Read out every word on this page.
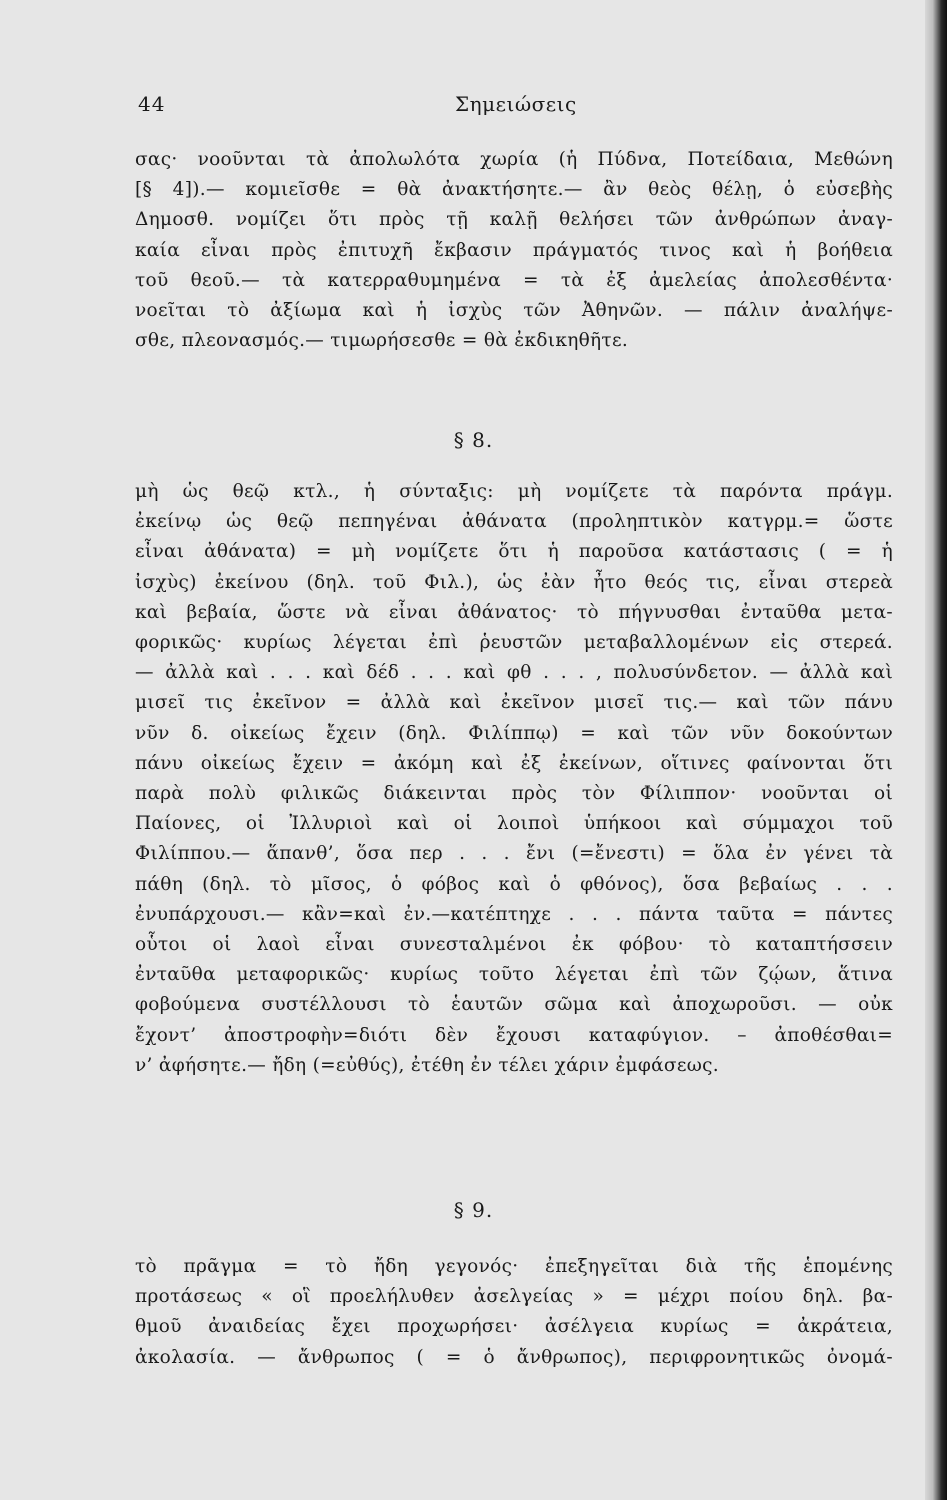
44	Σημειώσεις
σας· νοοῦνται τὰ ἀπολωλότα χωρία (ἡ Πύδνα, Ποτείδαια, Μεθώνη
[§ 4]).— κομιεῖσθε = θὰ ἀνακτήσητε.— ἂν θεὸς θέλῃ, ὁ εὐσεβὴς
Δημοσθ. νομίζει ὅτι πρὸς τῇ καλῇ θελήσει τῶν ἀνθρώπων ἀναγ-
καία εἶναι πρὸς ἐπιτυχῆ ἔκβασιν πράγματός τινος καὶ ἡ βοήθεια
τοῦ θεοῦ.— τὰ κατερραθυμημένα = τὰ ἐξ ἀμελείας ἀπολεσθέντα·
νοεῖται τὸ ἀξίωμα καὶ ἡ ἰσχὺς τῶν Ἀθηνῶν. — πάλιν ἀναλήψε-
σθε, πλεονασμός.— τιμωρήσεσθε = θὰ ἐκδικηθῆτε.
§ 8.
μὴ ὡς θεῷ κτλ., ἡ σύνταξις: μὴ νομίζετε τὰ παρόντα πράγμ.
ἐκείνῳ ὡς θεῷ πεπηγέναι ἀθάνατα (προληπτικὸν κατγρμ.= ὥστε
εἶναι ἀθάνατα) = μὴ νομίζετε ὅτι ἡ παροῦσα κατάστασις ( = ἡ
ἰσχὺς) ἐκείνου (δηλ. τοῦ Φιλ.), ὡς ἐὰν ἦτο θεός τις, εἶναι στερεὰ
καὶ βεβαία, ὥστε νὰ εἶναι ἀθάνατος· τὸ πήγνυσθαι ἐνταῦθα μετα-
φορικῶς· κυρίως λέγεται ἐπὶ ῥευστῶν μεταβαλλομένων εἰς στερεά.
— ἀλλὰ καὶ . . . καὶ δέδ . . . καὶ φθ . . . , πολυσύνδετον. — ἀλλὰ καὶ
μισεῖ τις ἐκεῖνον = ἀλλὰ καὶ ἐκεῖνον μισεῖ τις.— καὶ τῶν πάνυ
νῦν δ. οἰκείως ἔχειν (δηλ. Φιλίππῳ) = καὶ τῶν νῦν δοκούντων
πάνυ οἰκείως ἔχειν = ἀκόμη καὶ ἐξ ἐκείνων, οἵτινες φαίνονται ὅτι
παρὰ πολὺ φιλικῶς διάκεινται πρὸς τὸν Φίλιππον· νοοῦνται οἱ
Παίονες, οἱ Ἰλλυριοὶ καὶ οἱ λοιποὶ ὑπήκοοι καὶ σύμμαχοι τοῦ
Φιλίππου.— ἅπανθ’, ὅσα περ . . . ἔνι (=ἔνεστι) = ὅλα ἐν γένει τὰ
πάθη (δηλ. τὸ μῖσος, ὁ φόβος καὶ ὁ φθόνος), ὅσα βεβαίως . . .
ἐνυπάρχουσι.— κἂν=καὶ ἐν.—κατέπτηχε . . . πάντα ταῦτα = πάντες
οὗτοι οἱ λαοὶ εἶναι συνεσταλμένοι ἐκ φόβου· τὸ καταπτήσσειν
ἐνταῦθα μεταφορικῶς· κυρίως τοῦτο λέγεται ἐπὶ τῶν ζῴων, ἅτινα
φοβούμενα συστέλλουσι τὸ ἑαυτῶν σῶμα καὶ ἀποχωροῦσι. — οὐκ
ἔχοντ’ ἀποστροφὴν=διότι δὲν ἔχουσι καταφύγιον. – ἀποθέσθαι=
ν’ ἀφήσητε.— ἤδη (=εὐθύς), ἐτέθη ἐν τέλει χάριν ἐμφάσεως.
§ 9.
τὸ πρᾶγμα = τὸ ἤδη γεγονός· ἐπεξηγεῖται διὰ τῆς ἑπομένης
προτάσεως « οἳ προελήλυθεν ἀσελγείας » = μέχρι ποίου δηλ. βα-
θμοῦ ἀναιδείας ἔχει προχωρήσει· ἀσέλγεια κυρίως = ἀκράτεια,
ἀκολασία. — ἄνθρωπος ( = ὁ ἄνθρωπος), περιφρονητικῶς ὀνομά-
